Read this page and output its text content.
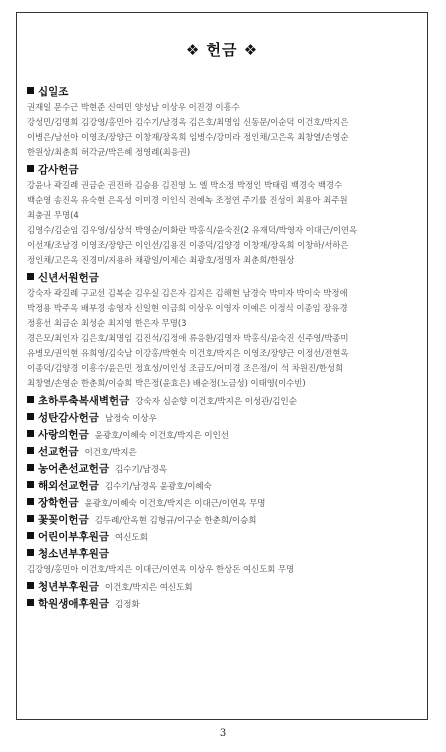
❖ 헌금 ❖
십일조

권재일 문수근 박현준 신여민 양성남 이상우 이진경 이흥수

강성민/김명희 김강영/홍민아 김수기/남경옥 김은호/최명임 신동문/이순덕 이건호/박지은

이병은/남선아 이영조/장양근 이창재/장옥희 임병수/강미라 정인채/고은옥 최창열/손영순

한원상/최춘희 허각균/박은혜 정영례(최응권)

감사헌금

강윤나 곽길례 권금순 권진하 김승용 김진영 노 엘 박소정 박정인 박태림 백경숙 백경수

백순영 송진옥 유숙현 은옥성 이미경 이인식 전예녹 조정연 주기률 진성이 최용아 최주원

최충권 무명(4

김영수/김순임 김우영/심상석 박영순/이화란 박홍식/윤숙진(2 유재덕/박영자 이대근/이연옥

이선재/조남경 이영조/장양근 이인선/김용진 이종덕/김양경 이창재/장옥희 이창하/서하은

정인채/고은옥 진경미/지용하 채광일/이제슨 최광호/정명자 최춘희/한원상

신년서원헌금

강숙자 곽길례 구교선 김복순 김우실 김은자 김지은 김해현 남경숙 박미자 박이숙 박정애

박정용 박주옥 배부경 송영자 신일현 이금희 이상우 이영자 이예은 이정식 이종임 장유경

정흥선 최금순 최성순 최지영 한은자 무명(3

경은모/최인자 김은호/최명임 김진석/김정애 류응환/김명자 박홍식/윤숙진 신주영/박종미

유병모/권익현 유희영/김숙남 이강홍/박현숙 이건호/박지은 이영조/장양근 이정선/전현옥

이종덕/김양경 이흥수/윤은민 정효성/이인성 조금도/어미경 조은정/이 석 차원진/한성희

최창열/손영순 한춘희/이승희 박은정(윤효은) 배순정(노금성) 이태영(이수빈)

초하루축복새벽헌금 강숙자 심순향 이건호/박지은 이성관/김인순
성탄감사헌금 남정숙 이상우
사랑의헌금 윤광호/이혜숙 이건호/박지은 이인선
선교헌금 이건호/박지은
농어촌선교헌금 김수기/남경옥
해외선교헌금 김수기/남경옥 윤광호/이혜숙
장학헌금 윤광호/이혜숙 이건호/박지은 이대근/이연옥 무명
꽃꽂이헌금 김두례/안옥현 김형규/이구순 한춘희/이승희
어린이부후원금 여신도회
청소년부후원금

김강영/홍민아 이건호/박지은 이대근/이연옥 이상우 한상돈 여신도회 무명

청년부후원금 이건호/박지은 여신도회
학원생애후원금 김정화
3
